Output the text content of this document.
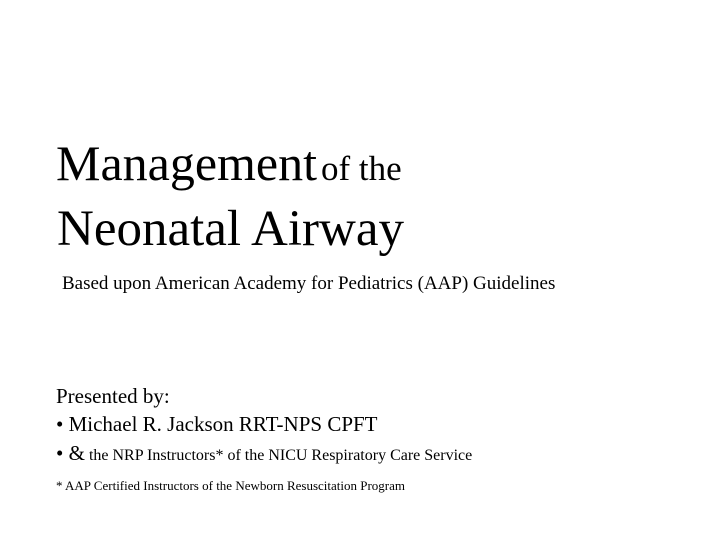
Management of the
Neonatal Airway
Based upon American Academy for Pediatrics (AAP) Guidelines
Presented by:
• Michael R. Jackson RRT-NPS CPFT
• & the NRP Instructors* of the NICU Respiratory Care Service
* AAP Certified Instructors of the Newborn Resuscitation Program
